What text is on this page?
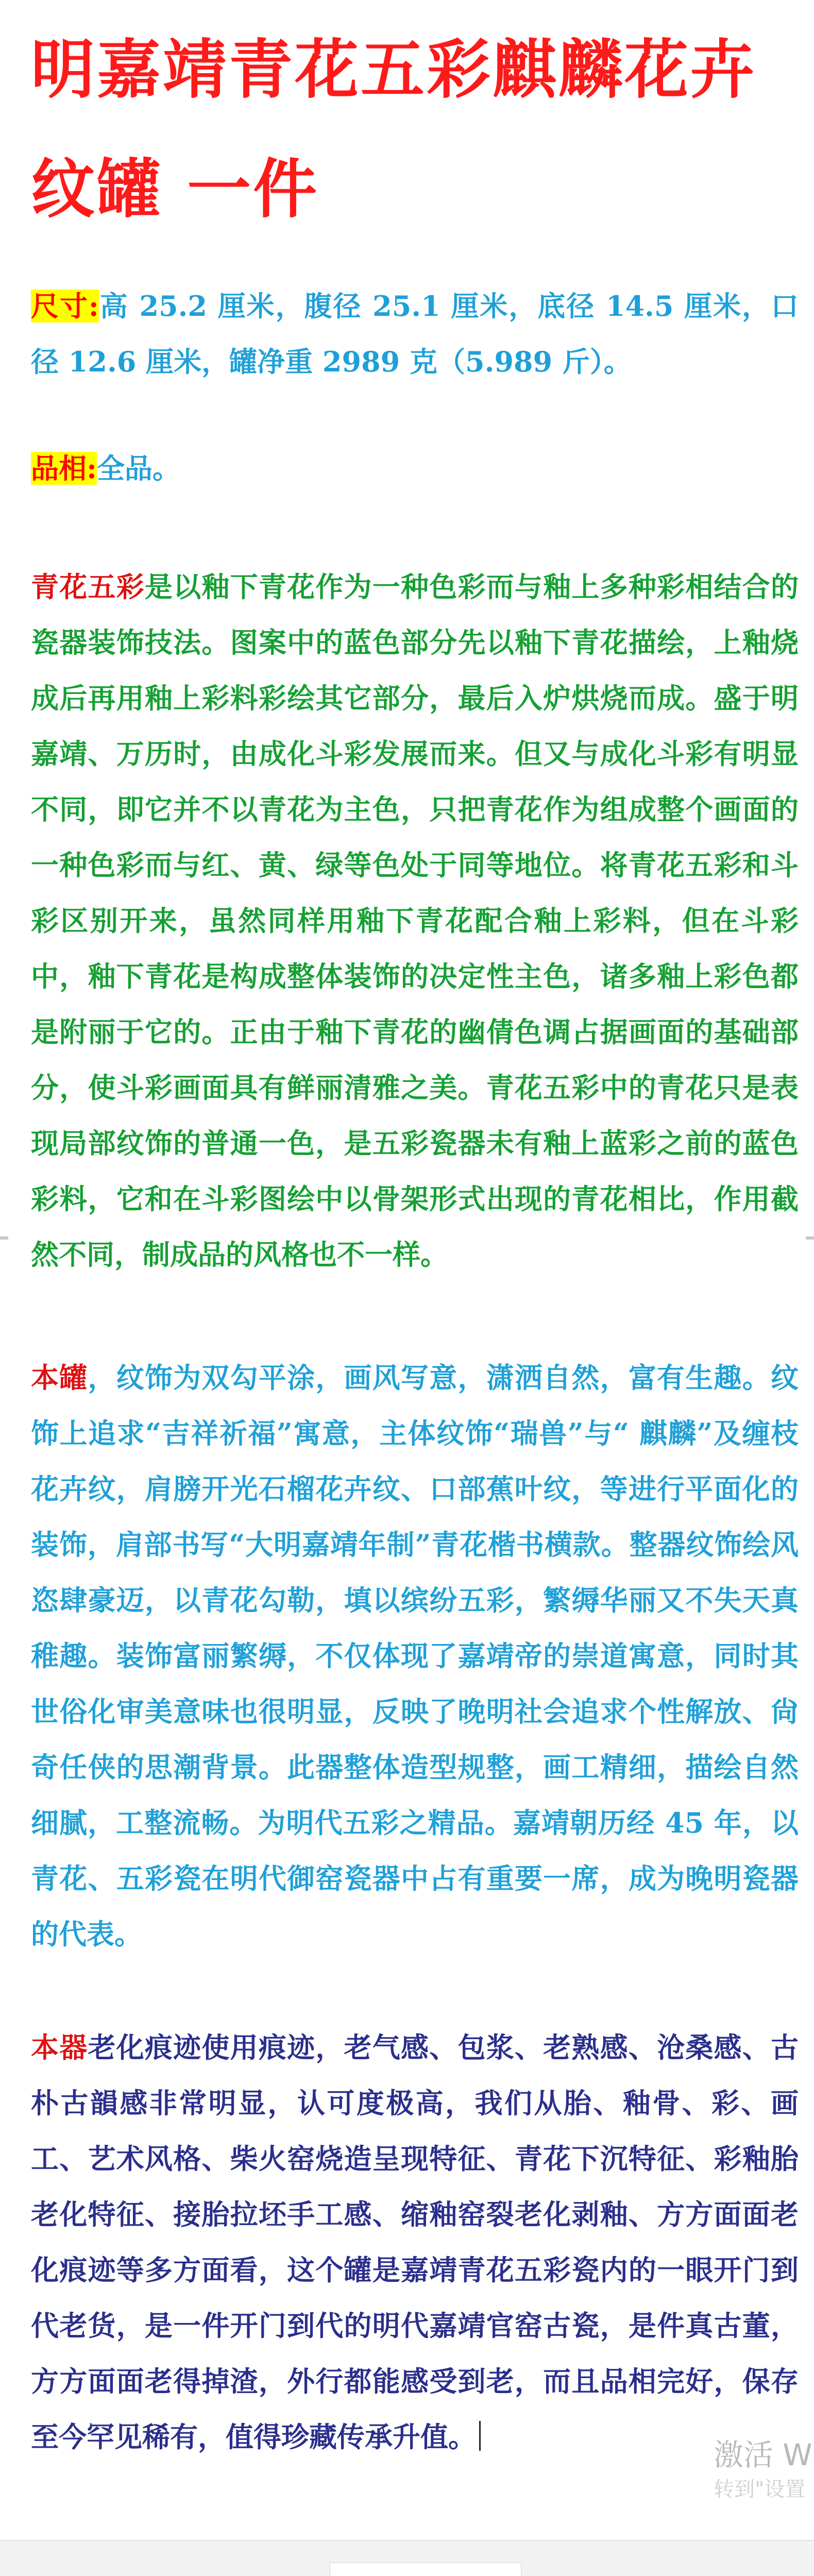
明嘉靖青花五彩麒麟花卉纹罐 一件

尺寸:高 25.2 厘米，腹径 25.1 厘米，底径 14.5 厘米，口径 12.6 厘米，罐净重 2989 克（5.989 斤）。

品相:全品。

青花五彩是以釉下青花作为一种色彩而与釉上多种彩相结合的瓷器装饰技法。图案中的蓝色部分先以釉下青花描绘，上釉烧成后再用釉上彩料彩绘其它部分，最后入炉烘烧而成。盛于明嘉靖、万历时，由成化斗彩发展而来。但又与成化斗彩有明显不同，即它并不以青花为主色，只把青花作为组成整个画面的一种色彩而与红、黄、绿等色处于同等地位。将青花五彩和斗彩区别开来，虽然同样用釉下青花配合釉上彩料，但在斗彩中，釉下青花是构成整体装饰的决定性主色，诸多釉上彩色都是附丽于它的。正由于釉下青花的幽倩色调占据画面的基础部分，使斗彩画面具有鲜丽清雅之美。青花五彩中的青花只是表现局部纹饰的普通一色，是五彩瓷器未有釉上蓝彩之前的蓝色彩料，它和在斗彩图绘中以骨架形式出现的青花相比，作用截然不同，制成品的风格也不一样。

本罐，纹饰为双勾平涂，画风写意，潇洒自然，富有生趣。纹饰上追求“吉祥祈福”寓意，主体纹饰“瑞兽”与“ 麒麟”及缠枝花卉纹，肩膀开光石榴花卉纹、口部蕉叶纹，等进行平面化的装饰，肩部书写“大明嘉靖年制”青花楷书横款。整器纹饰绘风恣肆豪迈，以青花勾勒，填以缤纷五彩，繁缛华丽又不失天真稚趣。装饰富丽繁缛，不仅体现了嘉靖帝的崇道寓意，同时其世俗化审美意味也很明显，反映了晚明社会追求个性解放、尙奇任侠的思潮背景。此器整体造型规整，画工精细，描绘自然细腻，工整流畅。为明代五彩之精品。嘉靖朝历经 45 年，以青花、五彩瓷在明代御窑瓷器中占有重要一席，成为晚明瓷器的代表。

本器老化痕迹使用痕迹，老气感、包浆、老熟感、沧桑感、古朴古韻感非常明显，认可度极高，我们从胎、釉骨、彩、画工、艺术风格、柴火窑烧造呈现特征、青花下沉特征、彩釉胎老化特征、接胎拉坯手工感、缩釉窑裂老化剥釉、方方面面老化痕迹等多方面看，这个罐是嘉靖青花五彩瓷内的一眼开门到代老货，是一件开门到代的明代嘉靖官窑古瓷，是件真古董，方方面面老得掉渣，外行都能感受到老，而且品相完好，保存至今罕见稀有，值得珍藏传承升值。

激活 W
转到"设置
